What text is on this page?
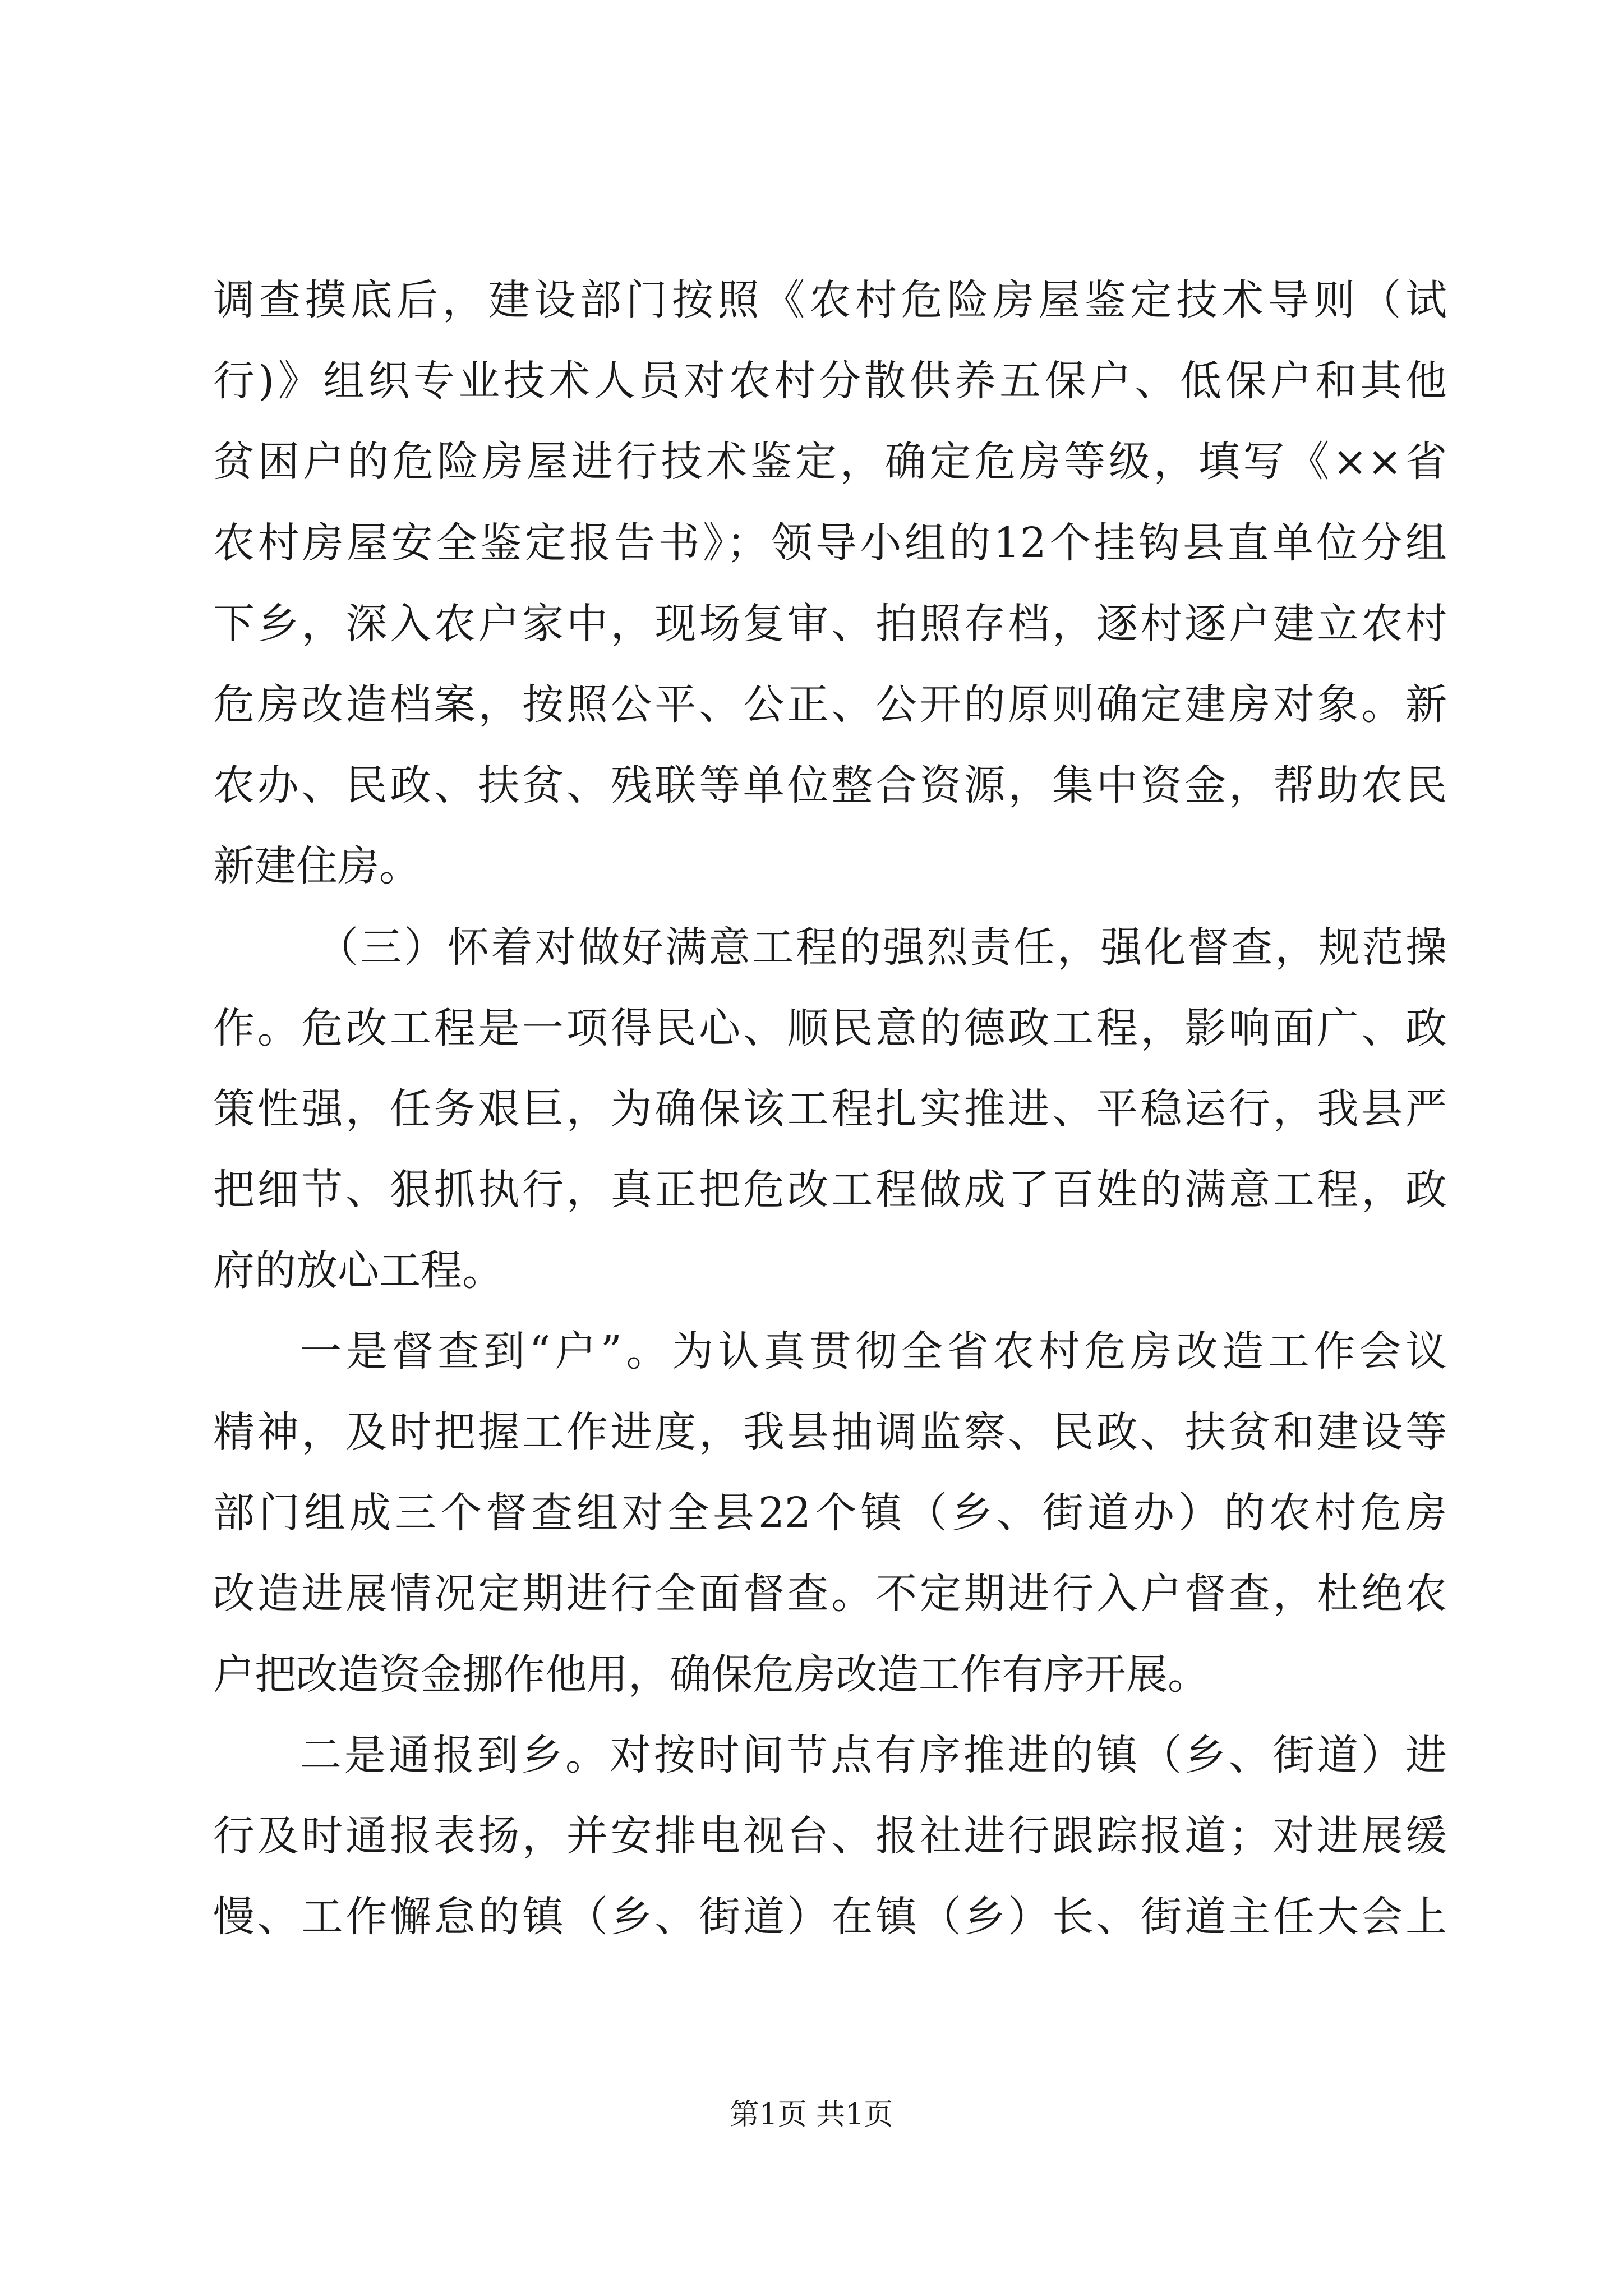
调查摸底后，建设部门按照《农村危险房屋鉴定技术导则（试

行)》组织专业技术人员对农村分散供养五保户、低保户和其他

贫困户的危险房屋进行技术鉴定，确定危房等级，填写《××省

农村房屋安全鉴定报告书》；领导小组的12个挂钩县直单位分组

下乡，深入农户家中，现场复审、拍照存档，逐村逐户建立农村

危房改造档案，按照公平、公正、公开的原则确定建房对象。新

农办、民政、扶贫、残联等单位整合资源，集中资金，帮助农民

新建住房。

（三）怀着对做好满意工程的强烈责任，强化督查，规范操

作。危改工程是一项得民心、顺民意的德政工程，影响面广、政

策性强，任务艰巨，为确保该工程扎实推进、平稳运行，我县严

把细节、狠抓执行，真正把危改工程做成了百姓的满意工程，政

府的放心工程。

一是督查到“户”。为认真贯彻全省农村危房改造工作会议

精神，及时把握工作进度，我县抽调监察、民政、扶贫和建设等

部门组成三个督查组对全县22个镇（乡、街道办）的农村危房

改造进展情况定期进行全面督查。不定期进行入户督查，杜绝农

户把改造资金挪作他用，确保危房改造工作有序开展。

二是通报到乡。对按时间节点有序推进的镇（乡、街道）进

行及时通报表扬，并安排电视台、报社进行跟踪报道；对进展缓

慢、工作懈怠的镇（乡、街道）在镇（乡）长、街道主任大会上

第1页 共1页
